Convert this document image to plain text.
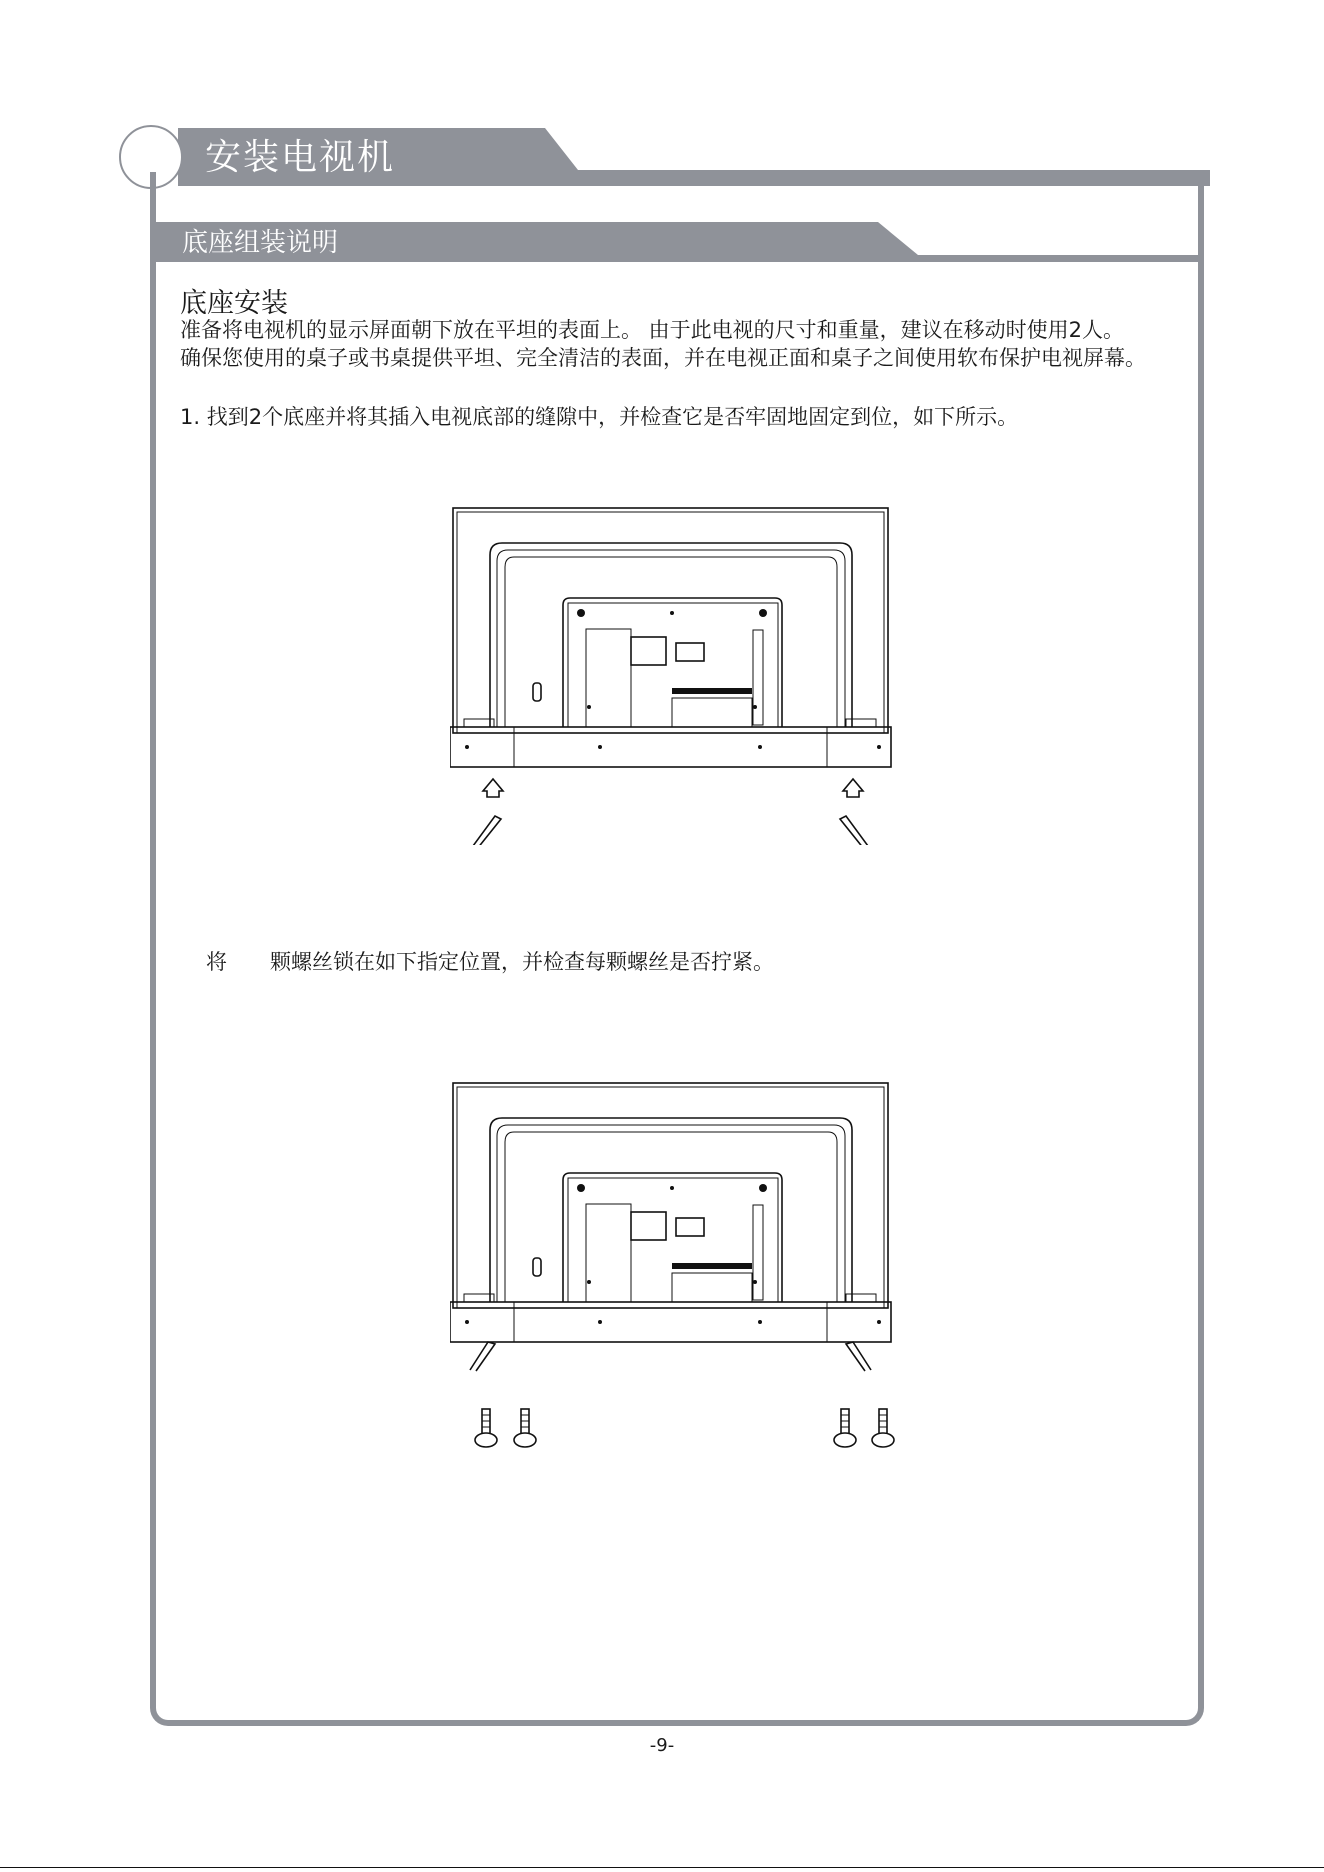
安装电视机
底座组装说明
底座安装
准备将电视机的显示屏面朝下放在平坦的表面上。 由于此电视的尺寸和重量，建议在移动时使用2人。
确保您使用的桌子或书桌提供平坦、完全清洁的表面，并在电视正面和桌子之间使用软布保护电视屏幕。
1. 找到2个底座并将其插入电视底部的缝隙中，并检查它是否牢固地固定到位，如下所示。
将 颗螺丝锁在如下指定位置，并检查每颗螺丝是否拧紧。
-9-
